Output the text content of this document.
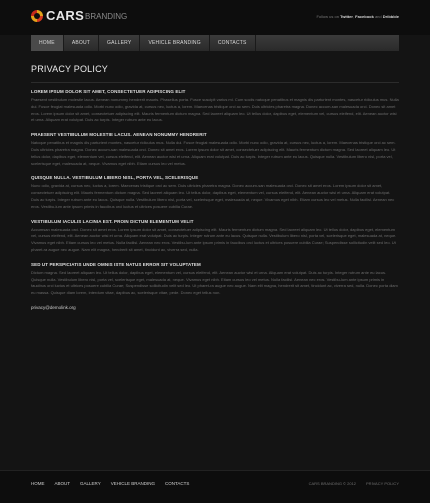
CARS BRANDING	Follow us on Twitter, Facebook and Dribbble
HOME	ABOUT	GALLERY	VEHICLE BRANDING	CONTACTS
PRIVACY POLICY
LOREM IPSUM DOLOR SIT AMET, CONSECTETUER ADIPISCING ELIT

Praesent vestibulum molestie lacus. Aenean nonummy hendrerit mauris. Phasellus porta. Fusce suscipit varius mi. Cum sociis natoque penatibus et magnis dis parturient montes, nascetur ridiculus mus. Nulla dui. Fusce feugiat malesuada odio. Morbi nunc odio, gravida at, cursus nec, luctus a, lorem. Maecenas tristique orci ac sem. Duis ultricies pharetra magna. Donec accum-san malesuada orci. Donec sit amet eros. Lorem ipsum dolor sit amet, consectetuer adipiscing elit. Mauris fermentum dictum magna. Sed laoreet aliquam leo. Ut tellus dolor, dapibus eget, elementum vel, cursus eleifend, elit. Aenean auctor wisi et urna. Aliquam erat volutpat. Duis ac turpis. Integer rutrum ante eu lacus.

PRAESENT VESTIBULUM MOLESTIE LACUS. AENEAN NONUMMY HENDRERIT

Natoque penatibus et magnis dis parturient montes, nascetur ridiculus mus. Nulla dui. Fusce feugiat malesuada odio. Morbi nunc odio, gravida at, cursus nec, luctus a, lorem. Maecenas tristique orci ac sem. Duis ultricies pharetra magna. Donec accum-san malesuada orci. Donec sit amet eros. Lorem ipsum dolor sit amet, consectetuer adipiscing elit. Mauris fermentum dictum magna. Sed laoreet aliquam leo. Ut tellus dolor, dapibus eget, elementum vel, cursus eleifend, elit. Aenean auctor wisi et urna. Aliquam erat volutpat. Duis ac turpis. Integer rutrum ante eu lacus. Quisque nulla. Vestibulum libero nisl, porta vel, scelerisque eget, malesuada at, neque. Vivamus eget nibh. Etiam cursus leo vel metus.

QUISQUE NULLA. VESTIBULUM LIBERO NISL, PORTA VEL, SCELERISQUE

Nunc odio, gravida at, cursus nec, luctus a, lorem. Maecenas tristique orci ac sem. Duis ultricies pharetra magna. Donec accum-san malesuada orci. Donec sit amet eros. Lorem ipsum dolor sit amet, consectetuer adipiscing elit. Mauris fermentum dictum magna. Sed laoreet aliquam leo. Ut tellus dolor, dapibus eget, elementum vel, cursus eleifend, elit. Aenean auctor wisi et urna. Aliquam erat volutpat. Duis ac turpis. Integer rutrum ante eu lacus. Quisque nulla. Vestibulum libero nisl, porta vel, scelerisque eget, malesuada at, neque. Vivamus eget nibh. Etiam cursus leo vel metus. Nulla facilisi. Aenean nec eros. Vestibu-lum ante ipsum primis in faucibus orci luctus et ultrices posuere cubilia Curae.

VESTIBULUM IACULIS LACINIA EST. PROIN DICTUM ELEMENTUM VELIT

Accumsan malesuada orci. Donec sit amet eros. Lorem ipsum dolor sit amet, consectetuer adipiscing elit. Mauris fermentum dictum magna. Sed laoreet aliquam leo. Ut tellus dolor, dapibus eget, elementum vel, cursus eleifend, elit. Aenean auctor wisi et urna. Aliquam erat volutpat. Duis ac turpis. Integer rutrum ante eu lacus. Quisque nulla. Vestibulum libero nisl, porta vel, scelerisque eget, malesuada at, neque. Vivamus eget nibh. Etiam cursus leo vel metus. Nulla facilisi. Aenean nec eros. Vestibu-lum ante ipsum primis in faucibus orci luctus et ultrices posuere cubilia Curae; Suspendisse sollicitudin velit sed leo. Ut pharet-ra augue nec augue. Nam elit magna, hendrerit sit amet, tincidunt ac, viverra sed, nulla.

SED UT PERSPICIATIS UNDE OMNIS ISTE NATUS ERROR SIT VOLUPTATEM

Dictum magna. Sed laoreet aliquam leo. Ut tellus dolor, dapibus eget, elementum vel, cursus eleifend, elit. Aenean auctor wisi et urna. Aliquam erat volutpat. Duis ac turpis. Integer rutrum ante eu lacus. Quisque nulla. Vestibulum libero nisl, porta vel, scelerisque eget, malesuada at, neque. Vivamus eget nibh. Etiam cursus leo vel metus. Nulla facilisi. Aenean nec eros. Vestibu-lum ante ipsum primis in faucibus orci luctus et ultrices posuere cubilia Curae; Suspendisse sollicitudin velit sed leo. Ut pharet-ra augue nec augue. Nam elit magna, hendrerit sit amet, tincidunt ac, viverra sed, nulla. Donec porta diam eu massa. Quisque diam lorem, interdum vitae, dapibus ac, scelerisque vitae, pede. Donec eget tellus non.

privacy@demolink.org
HOME ABOUT GALLERY VEHICLE BRANDING CONTACTS	CARS BRANDING © 2012	PRIVACY POLICY
